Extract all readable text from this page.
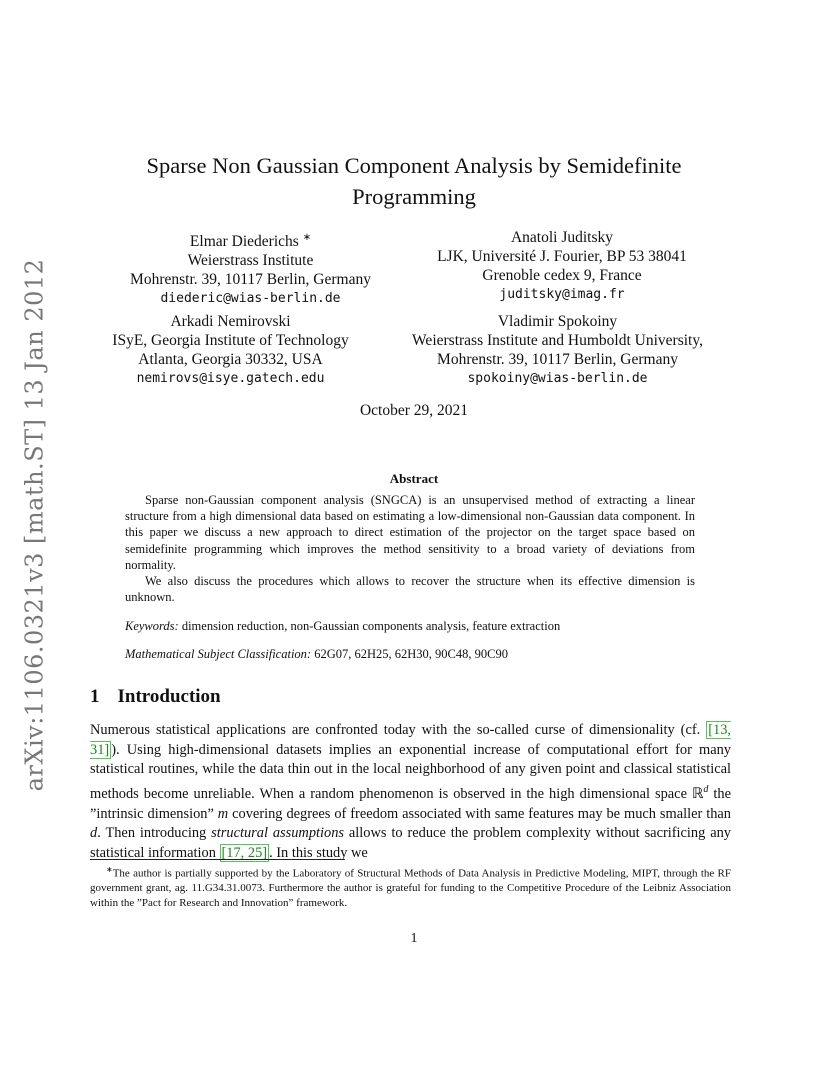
arXiv:1106.0321v3 [math.ST] 13 Jan 2012
Sparse Non Gaussian Component Analysis by Semidefinite
Programming
Elmar Diederichs ∗
Weierstrass Institute
Mohrenstr. 39, 10117 Berlin, Germany
diederic@wias-berlin.de
Anatoli Juditsky
LJK, Université J. Fourier, BP 53 38041
Grenoble cedex 9, France
juditsky@imag.fr
Arkadi Nemirovski
ISyE, Georgia Institute of Technology
Atlanta, Georgia 30332, USA
nemirovs@isye.gatech.edu
Vladimir Spokoiny
Weierstrass Institute and Humboldt University,
Mohrenstr. 39, 10117 Berlin, Germany
spokoiny@wias-berlin.de
October 29, 2021
Abstract

Sparse non-Gaussian component analysis (SNGCA) is an unsupervised method of extracting a linear structure from a high dimensional data based on estimating a low-dimensional non-Gaussian data component. In this paper we discuss a new approach to direct estimation of the projector on the target space based on semidefinite programming which improves the method sensitivity to a broad variety of deviations from normality.

We also discuss the procedures which allows to recover the structure when its effective dimension is unknown.

Keywords: dimension reduction, non-Gaussian components analysis, feature extraction
Mathematical Subject Classification: 62G07, 62H25, 62H30, 90C48, 90C90
1 Introduction

Numerous statistical applications are confronted today with the so-called curse of dimensionality (cf. [13, 31] ). Using high-dimensional datasets implies an exponential increase of computational effort for many statistical routines, while the data thin out in the local neighborhood of any given point and classical statistical methods become unreliable. When a random phenomenon is observed in the high dimensional space ℝ$^d$ the ”intrinsic dimension” m covering degrees of freedom associated with same features may be much smaller than d. Then introducing structural assumptions allows to reduce the problem complexity without sacrificing any statistical information [17, 25] . In this study we

∗The author is partially supported by the Laboratory of Structural Methods of Data Analysis in Predictive Modeling, MIPT, through the RF government grant, ag. 11.G34.31.0073. Furthermore the author is grateful for funding to the Competitive Procedure of the Leibniz Association within the ”Pact for Research and Innovation” framework.
1
